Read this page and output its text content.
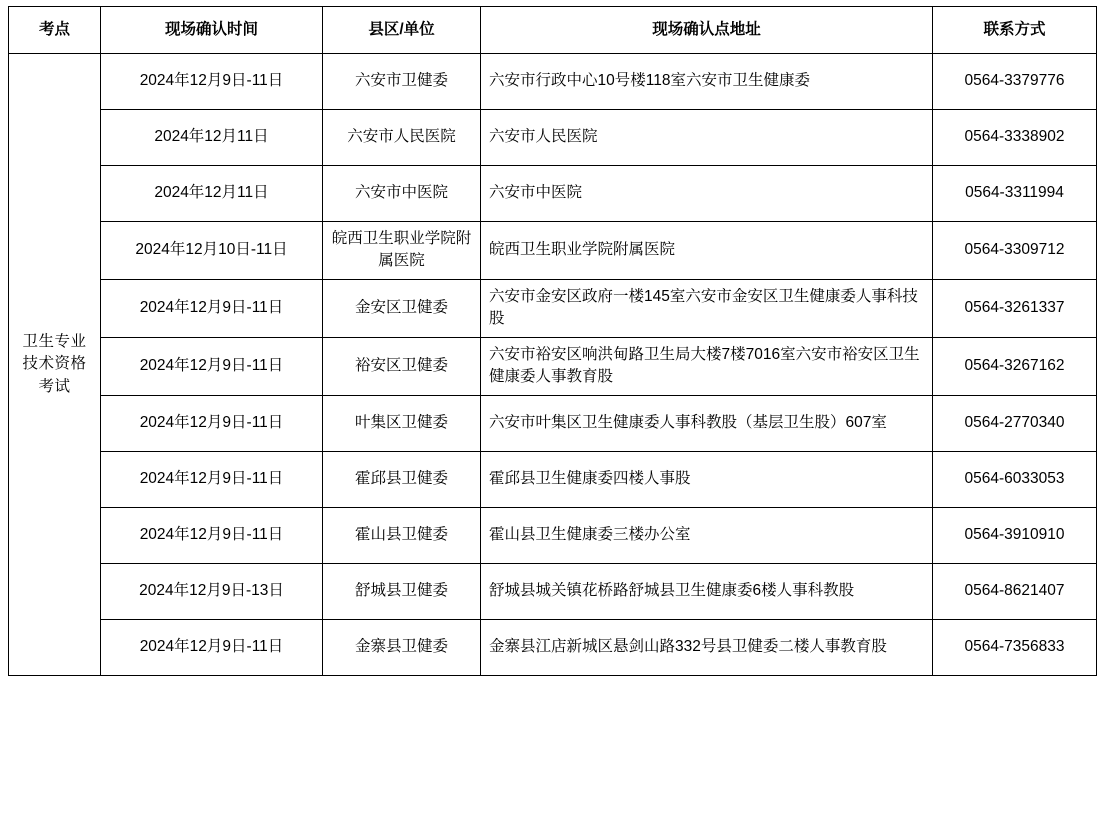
考点	现场确认时间	县区/单位	现场确认点地址	联系方式
卫生专业技术资格考试	2024年12月9日-11日	六安市卫健委	六安市行政中心10号楼118室六安市卫生健康委	0564-3379776
	2024年12月11日	六安市人民医院	六安市人民医院	0564-3338902
	2024年12月11日	六安市中医院	六安市中医院	0564-3311994
	2024年12月10日-11日	皖西卫生职业学院附属医院	皖西卫生职业学院附属医院	0564-3309712
	2024年12月9日-11日	金安区卫健委	六安市金安区政府一楼145室六安市金安区卫生健康委人事科技股	0564-3261337
	2024年12月9日-11日	裕安区卫健委	六安市裕安区响洪甸路卫生局大楼7楼7016室六安市裕安区卫生健康委人事教育股	0564-3267162
	2024年12月9日-11日	叶集区卫健委	六安市叶集区卫生健康委人事科教股（基层卫生股）607室	0564-2770340
	2024年12月9日-11日	霍邱县卫健委	霍邱县卫生健康委四楼人事股	0564-6033053
	2024年12月9日-11日	霍山县卫健委	霍山县卫生健康委三楼办公室	0564-3910910
	2024年12月9日-13日	舒城县卫健委	舒城县城关镇花桥路舒城县卫生健康委6楼人事科教股	0564-8621407
	2024年12月9日-11日	金寨县卫健委	金寨县江店新城区悬剑山路332号县卫健委二楼人事教育股	0564-7356833
